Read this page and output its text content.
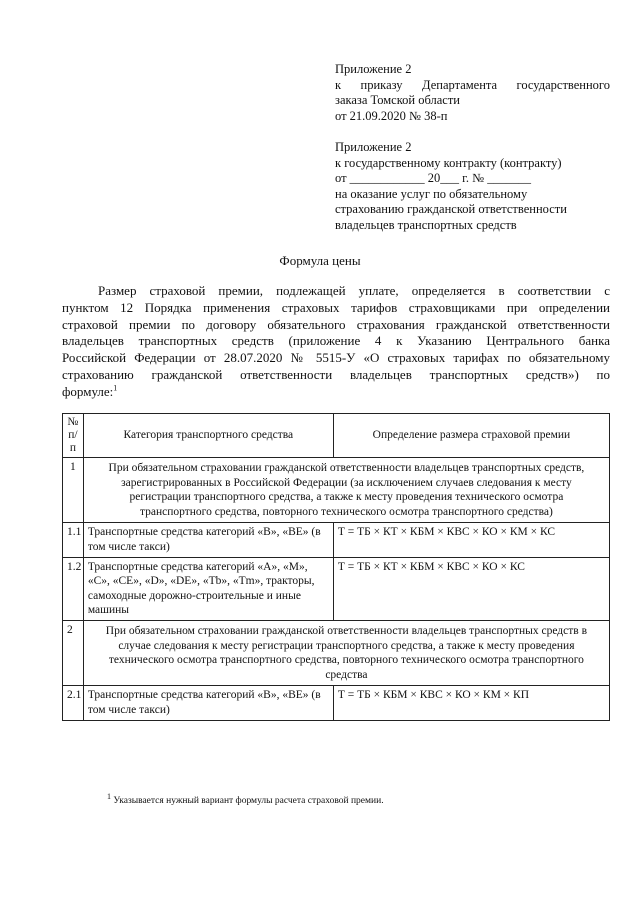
Приложение 2
к приказу Департамента государственного
заказа Томской области
от 21.09.2020 № 38-п
Приложение 2
к государственному контракту (контракту)
от ____________ 20___ г. № _______
на оказание услуг по обязательному
страхованию гражданской ответственности
владельцев транспортных средств
Формула цены
Размер страховой премии, подлежащей уплате, определяется в соответствии с
пунктом 12 Порядка применения страховых тарифов страховщиками при определении
страховой премии по договору обязательного страхования гражданской ответственности
владельцев транспортных средств (приложение 4 к Указанию Центрального банка
Российской Федерации от 28.07.2020 № 5515-У «О страховых тарифах по обязательному
страхованию гражданской ответственности владельцев транспортных средств») по
формуле:$^1$
№ п/п	Категория транспортного средства	Определение размера страховой премии
1	При обязательном страховании гражданской ответственности владельцев транспортных средств, зарегистрированных в Российской Федерации (за исключением случаев следования к месту регистрации транспортного средства, а также к месту проведения технического осмотра транспортного средства, повторного технического осмотра транспортного средства)	
1.1	Транспортные средства категорий «В», «ВЕ» (в том числе такси)	Т = ТБ × КТ × КБМ × КВС × КО × КМ × КС
1.2	Транспортные средства категорий «А», «М», «С», «СЕ», «D», «DE», «Tb», «Tm», тракторы, самоходные дорожно-строительные и иные машины	Т = ТБ × КТ × КБМ × КВС × КО × КС
2	При обязательном страховании гражданской ответственности владельцев транспортных средств в случае следования к месту регистрации транспортного средства, а также к месту проведения технического осмотра транспортного средства, повторного технического осмотра транспортного средства	
2.1	Транспортные средства категорий «В», «ВЕ» (в том числе такси)	Т = ТБ × КБМ × КВС × КО × КМ × КП
$^1$ Указывается нужный вариант формулы расчета страховой премии.
